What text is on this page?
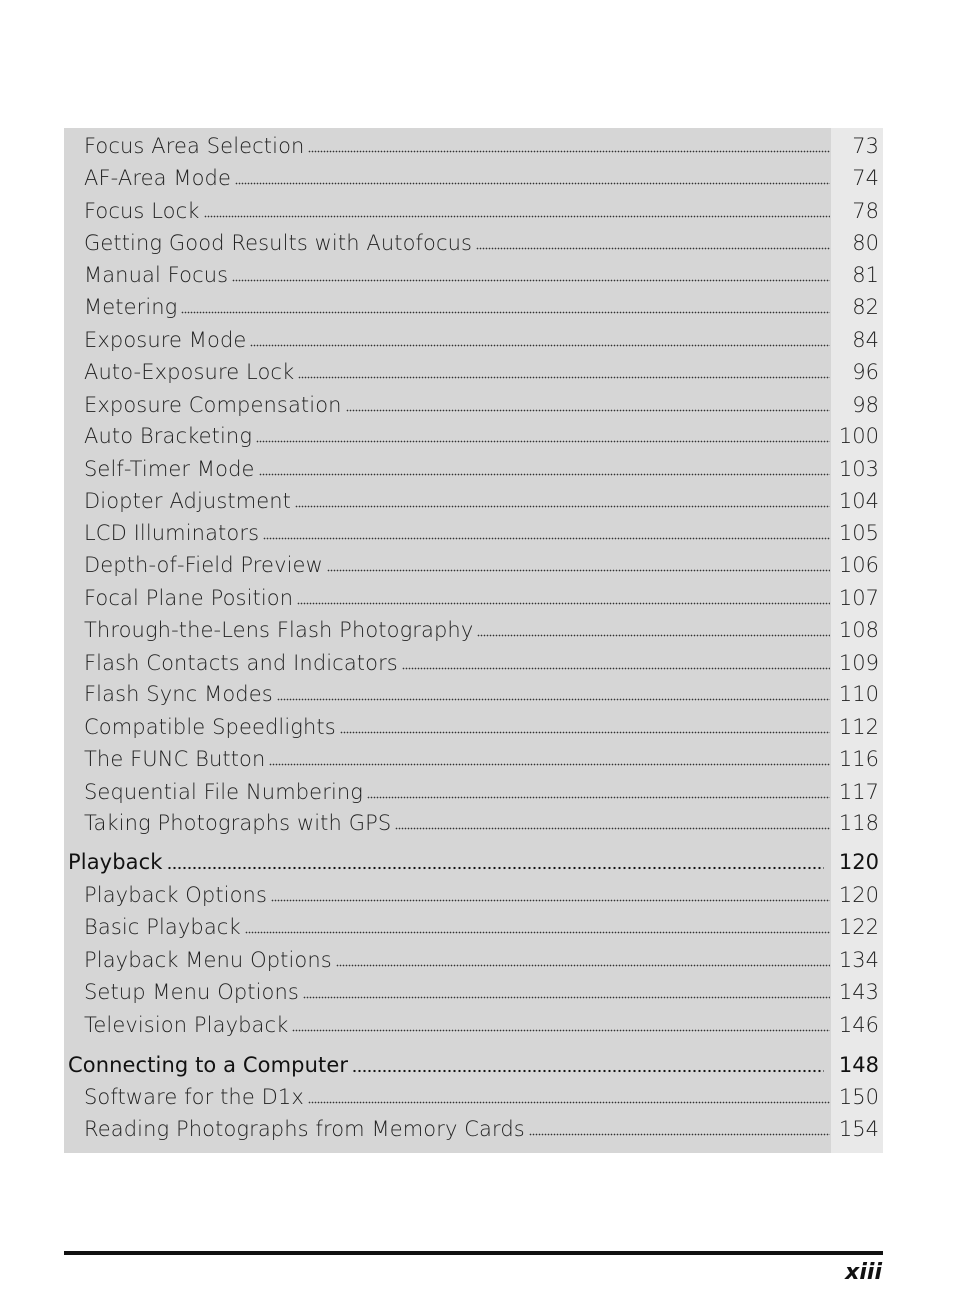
Focus Area Selection	73
AF-Area Mode	74
Focus Lock	78
Getting Good Results with Autofocus	80
Manual Focus	81
Metering	82
Exposure Mode	84
Auto-Exposure Lock	96
Exposure Compensation	98
Auto Bracketing	100
Self-Timer Mode	103
Diopter Adjustment	104
LCD Illuminators	105
Depth-of-Field Preview	106
Focal Plane Position	107
Through-the-Lens Flash Photography	108
Flash Contacts and Indicators	109
Flash Sync Modes	110
Compatible Speedlights	112
The FUNC Button	116
Sequential File Numbering	117
Taking Photographs with GPS	118
Playback	120
Playback Options	120
Basic Playback	122
Playback Menu Options	134
Setup Menu Options	143
Television Playback	146
Connecting to a Computer	148
Software for the D1x	150
Reading Photographs from Memory Cards	154
xiii
